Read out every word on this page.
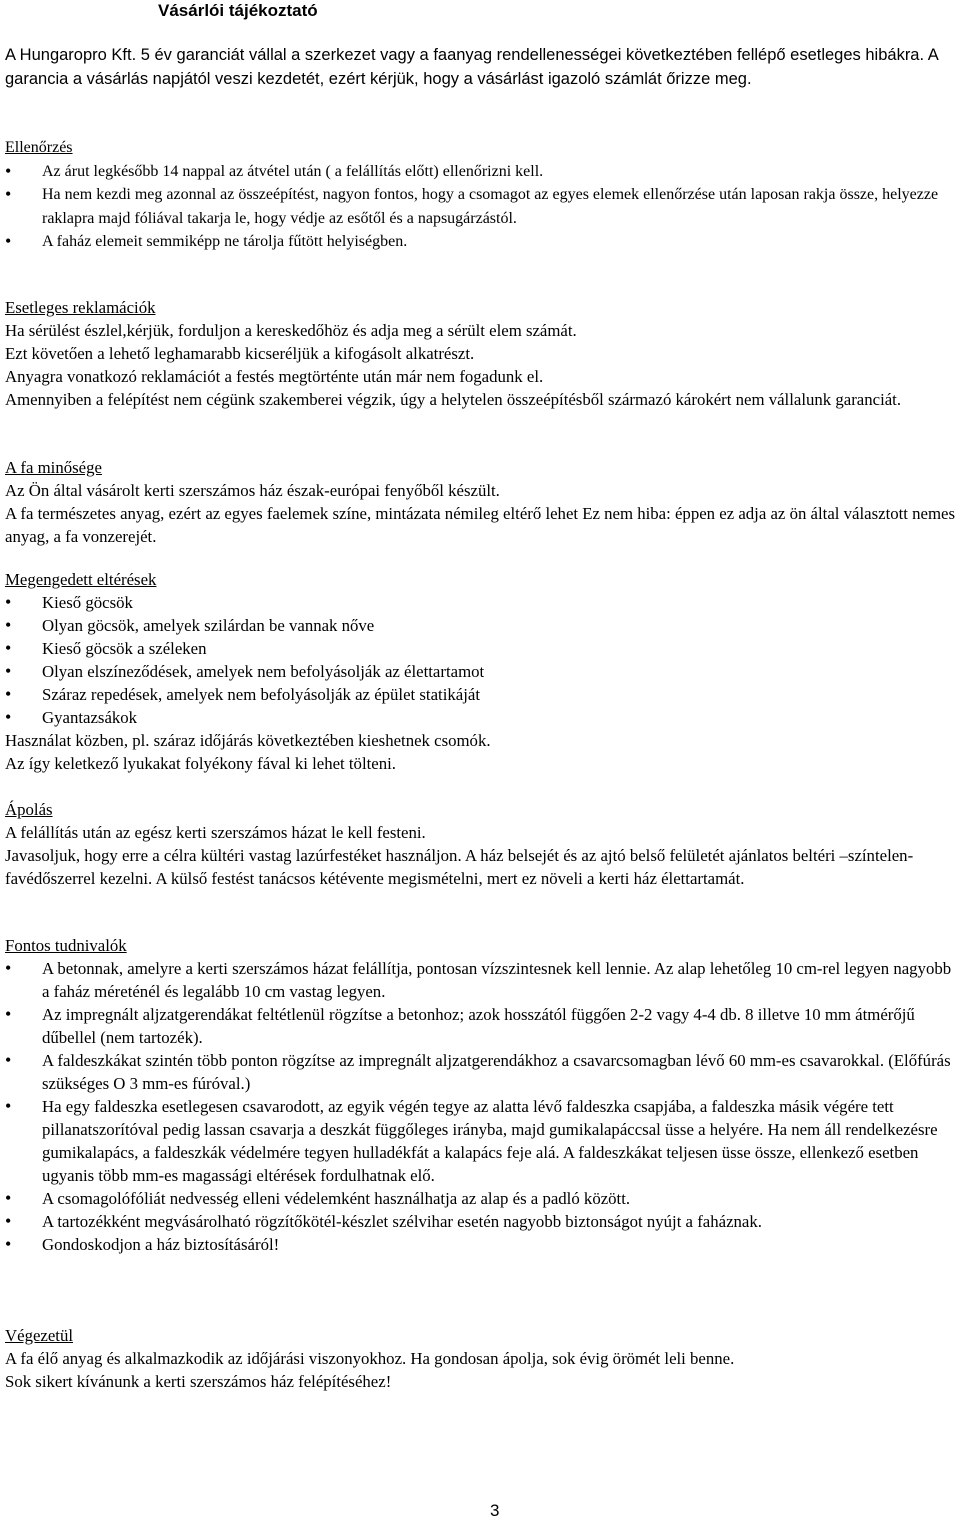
Vásárlói tájékoztató

A Hungaropro Kft. 5 év garanciát vállal a szerkezet vagy a faanyag rendellenességei következtében fellépő esetleges hibákra. A garancia a vásárlás napjától veszi kezdetét, ezért kérjük, hogy a vásárlást igazoló számlát őrizze meg.

Ellenőrzés

• Az árut legkésőbb 14 nappal az átvétel után ( a felállítás előtt) ellenőrizni kell.
• Ha nem kezdi meg azonnal az összeépítést, nagyon fontos, hogy a csomagot az egyes elemek ellenőrzése után laposan rakja össze, helyezze raklapra majd fóliával takarja le, hogy védje az esőtől és a napsugárzástól.
• A faház elemeit semmiképp ne tárolja fűtött helyiségben.

Esetleges reklamációk

Ha sérülést észlel,kérjük, forduljon a kereskedőhöz és adja meg a sérült elem számát.

Ezt követően a lehető leghamarabb kicseréljük a kifogásolt alkatrészt.

Anyagra vonatkozó reklamációt a festés megtörténte után már nem fogadunk el.

Amennyiben a felépítést nem cégünk szakemberei végzik, úgy a helytelen összeépítésből származó károkért nem vállalunk garanciát.

A fa minősége

Az Ön által vásárolt kerti szerszámos ház észak-európai fenyőből készült.

A fa természetes anyag, ezért az egyes faelemek színe, mintázata némileg eltérő lehet Ez nem hiba: éppen ez adja az ön által választott nemes anyag, a fa vonzerejét.

Megengedett eltérések

• Kieső göcsök
• Olyan göcsök, amelyek szilárdan be vannak nőve
• Kieső göcsök a széleken
• Olyan elszíneződések, amelyek nem befolyásolják az élettartamot
• Száraz repedések, amelyek nem befolyásolják az épület statikáját
• Gyantazsákok

Használat közben, pl. száraz időjárás következtében kieshetnek csomók.

Az így keletkező lyukakat folyékony fával ki lehet tölteni.

Ápolás

A felállítás után az egész kerti szerszámos házat le kell festeni.

Javasoljuk, hogy erre a célra kültéri vastag lazúrfestéket használjon. A ház belsejét és az ajtó belső felületét ajánlatos beltéri –színtelen- favédőszerrel kezelni. A külső festést tanácsos kétévente megismételni, mert ez növeli a kerti ház élettartamát.

Fontos tudnivalók

• A betonnak, amelyre a kerti szerszámos házat felállítja, pontosan vízszintesnek kell lennie. Az alap lehetőleg 10 cm-rel legyen nagyobb a faház méreténél és legalább 10 cm vastag legyen.
• Az impregnált aljzatgerendákat feltétlenül rögzítse a betonhoz; azok hosszától függően 2-2 vagy 4-4 db. 8 illetve 10 mm átmérőjű dűbellel (nem tartozék).
• A faldeszkákat szintén több ponton rögzítse az impregnált aljzatgerendákhoz a csavarcsomagban lévő 60 mm-es csavarokkal. (Előfúrás szükséges O 3 mm-es fúróval.)
• Ha egy faldeszka esetlegesen csavarodott, az egyik végén tegye az alatta lévő faldeszka csapjába, a faldeszka másik végére tett pillanatszorítóval pedig lassan csavarja a deszkát függőleges irányba, majd gumikalapáccsal üsse a helyére. Ha nem áll rendelkezésre gumikalapács, a faldeszkák védelmére tegyen hulladékfát a kalapács feje alá. A faldeszkákat teljesen üsse össze, ellenkező esetben ugyanis több mm-es magassági eltérések fordulhatnak elő.
• A csomagolófóliát nedvesség elleni védelemként használhatja az alap és a padló között.
• A tartozékként megvásárolható rögzítőkötél-készlet szélvihar esetén nagyobb biztonságot nyújt a faháznak.
• Gondoskodjon a ház biztosításáról!

Végezetül

A fa élő anyag és alkalmazkodik az időjárási viszonyokhoz. Ha gondosan ápolja, sok évig örömét leli benne.

Sok sikert kívánunk a kerti szerszámos ház felépítéséhez!

3
